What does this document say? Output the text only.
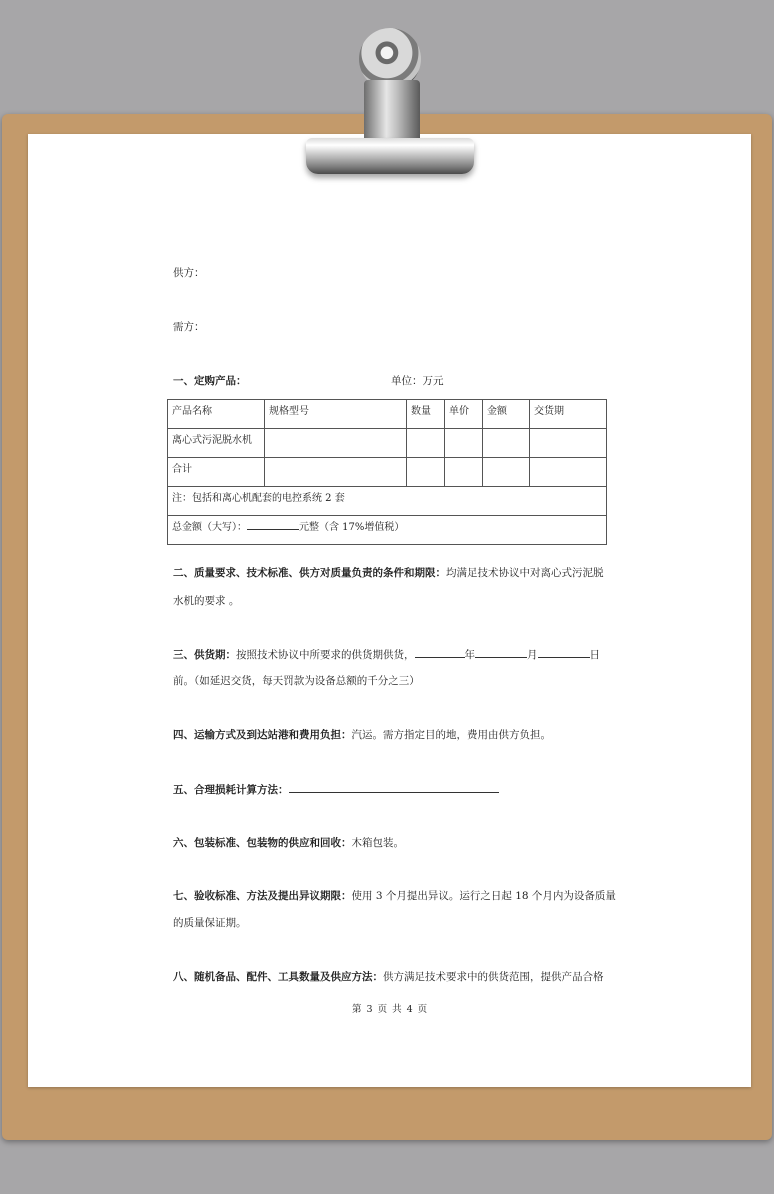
供方：
需方：
一、定购产品：	单位：万元
产品名称	规格型号	数量	单价	金额	交货期
离心式污泥脱水机					
合计					
注：包括和离心机配套的电控系统 2 套					
总金额（大写）： 元整（含 17%增值税）					
二、质量要求、技术标准、供方对质量负责的条件和期限：均满足技术协议中对离心式污泥脱
水机的要求 。
三、供货期：按照技术协议中所要求的供货期供货，	年	月	日
前。（如延迟交货，每天罚款为设备总额的千分之三）
四、运输方式及到达站港和费用负担：汽运。需方指定目的地，费用由供方负担。
五、合理损耗计算方法：
六、包装标准、包装物的供应和回收：木箱包装。
七、验收标准、方法及提出异议期限：使用 3 个月提出异议。运行之日起 18 个月内为设备质量
的质量保证期。
八、随机备品、配件、工具数量及供应方法：供方满足技术要求中的供货范围，提供产品合格
第 3 页 共 4 页
